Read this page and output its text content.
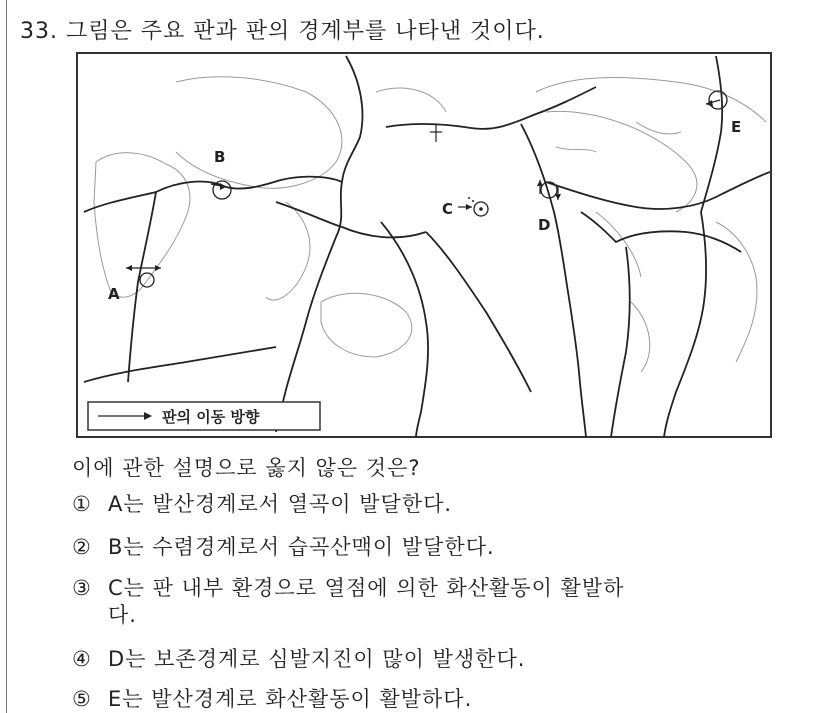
33. 그림은 주요 판과 판의 경계부를 나타낸 것이다.
A
B
C
D
E
판의 이동 방향
이에 관한 설명으로 옳지 않은 것은?
① A는 발산경계로서 열곡이 발달한다.
② B는 수렴경계로서 습곡산맥이 발달한다.
③ C는 판 내부 환경으로 열점에 의한 화산활동이 활발하
다.
④ D는 보존경계로 심발지진이 많이 발생한다.
⑤ E는 발산경계로 화산활동이 활발하다.
